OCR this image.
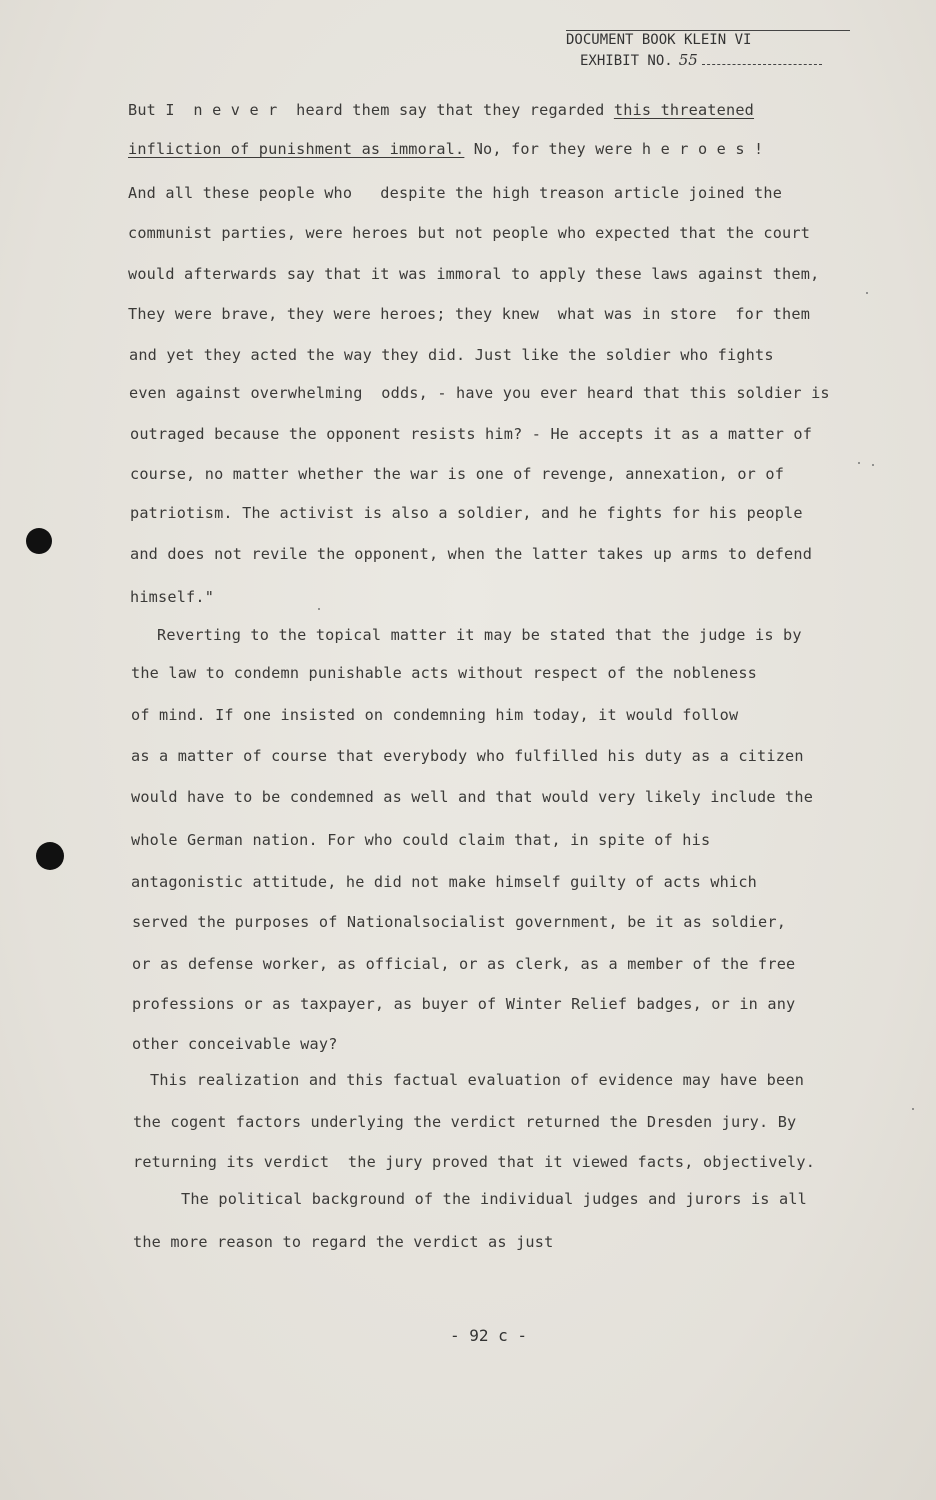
DOCUMENT BOOK KLEIN VI
EXHIBIT NO. 55
But I  n e v e r  heard them say that they regarded this threatened
infliction of punishment as immoral. No, for they were h e r o e s !
And all these people who   despite the high treason article joined the
communist parties, were heroes but not people who expected that the court
would afterwards say that it was immoral to apply these laws against them,
They were brave, they were heroes; they knew  what was in store  for them
and yet they acted the way they did. Just like the soldier who fights
even against overwhelming  odds, - have you ever heard that this soldier is
outraged because the opponent resists him? - He accepts it as a matter of
course, no matter whether the war is one of revenge, annexation, or of
patriotism. The activist is also a soldier, and he fights for his people
and does not revile the opponent, when the latter takes up arms to defend
himself."
Reverting to the topical matter it may be stated that the judge is by
the law to condemn punishable acts without respect of the nobleness
of mind. If one insisted on condemning him today, it would follow
as a matter of course that everybody who fulfilled his duty as a citizen
would have to be condemned as well and that would very likely include the
whole German nation. For who could claim that, in spite of his
antagonistic attitude, he did not make himself guilty of acts which
served the purposes of Nationalsocialist government, be it as soldier,
or as defense worker, as official, or as clerk, as a member of the free
professions or as taxpayer, as buyer of Winter Relief badges, or in any
other conceivable way?
This realization and this factual evaluation of evidence may have been
the cogent factors underlying the verdict returned the Dresden jury. By
returning its verdict  the jury proved that it viewed facts, objectively.
The political background of the individual judges and jurors is all
the more reason to regard the verdict as just
- 92 c -
